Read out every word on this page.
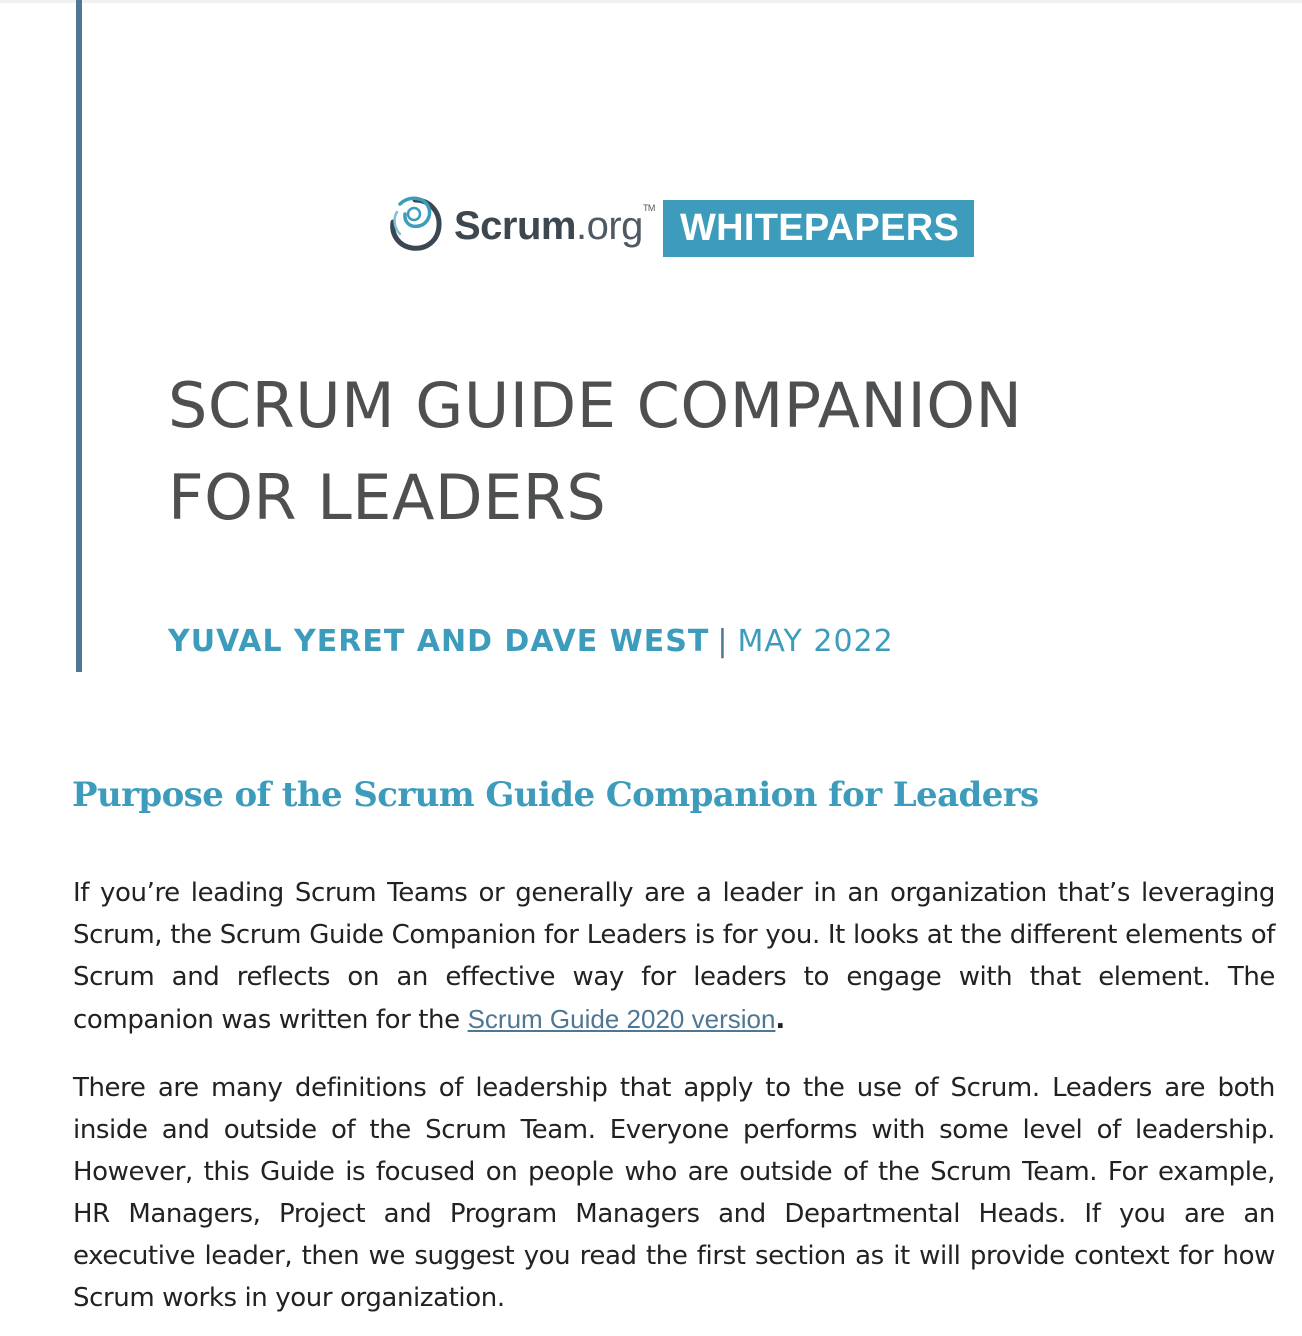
Scrum.org™ WHITEPAPERS
SCRUM GUIDE COMPANION
FOR LEADERS
YUVAL YERET AND DAVE WEST | MAY 2022
Purpose of the Scrum Guide Companion for Leaders

If you’re leading Scrum Teams or generally are a leader in an organization that’s leveraging Scrum, the Scrum Guide Companion for Leaders is for you. It looks at the different elements of Scrum and reflects on an effective way for leaders to engage with that element. The companion was written for the Scrum Guide 2020 version.

There are many definitions of leadership that apply to the use of Scrum. Leaders are both inside and outside of the Scrum Team. Everyone performs with some level of leadership. However, this Guide is focused on people who are outside of the Scrum Team. For example, HR Managers, Project and Program Managers and Departmental Heads. If you are an executive leader, then we suggest you read the first section as it will provide context for how Scrum works in your organization.
